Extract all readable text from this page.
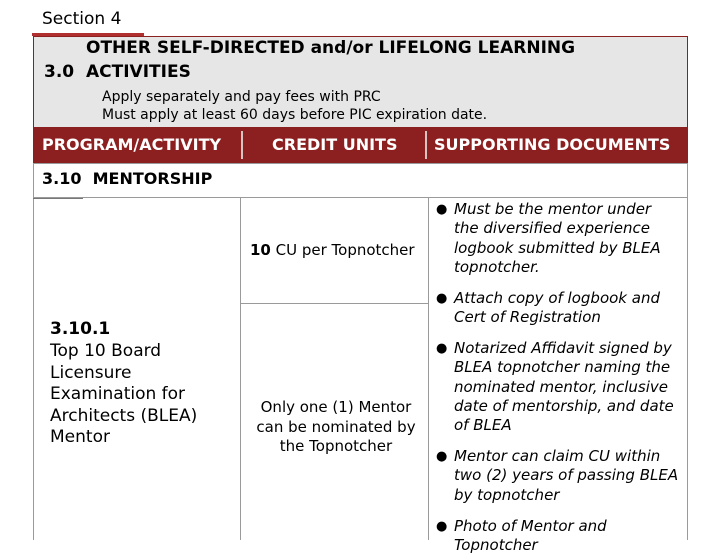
Section 4
3.0
OTHER SELF-DIRECTED and/or LIFELONG LEARNING
ACTIVITIES
Apply separately and pay fees with PRC
Must apply at least 60 days before PIC expiration date.
PROGRAM/ACTIVITY	CREDIT UNITS SUPPORTING DOCUMENTS
3.10  MENTORSHIP
3.10.1
Top 10 Board
Licensure
Examination for
Architects (BLEA)
Mentor
10 CU per Topnotcher
Only one (1) Mentor
can be nominated by
the Topnotcher
● Must be the mentor under
the diversified experience
logbook submitted by BLEA
topnotcher.
● Attach copy of logbook and
Cert of Registration
● Notarized Affidavit signed by
BLEA topnotcher naming the
nominated mentor, inclusive
date of mentorship, and date
of BLEA
● Mentor can claim CU within
two (2) years of passing BLEA
by topnotcher
● Photo of Mentor and
Topnotcher
